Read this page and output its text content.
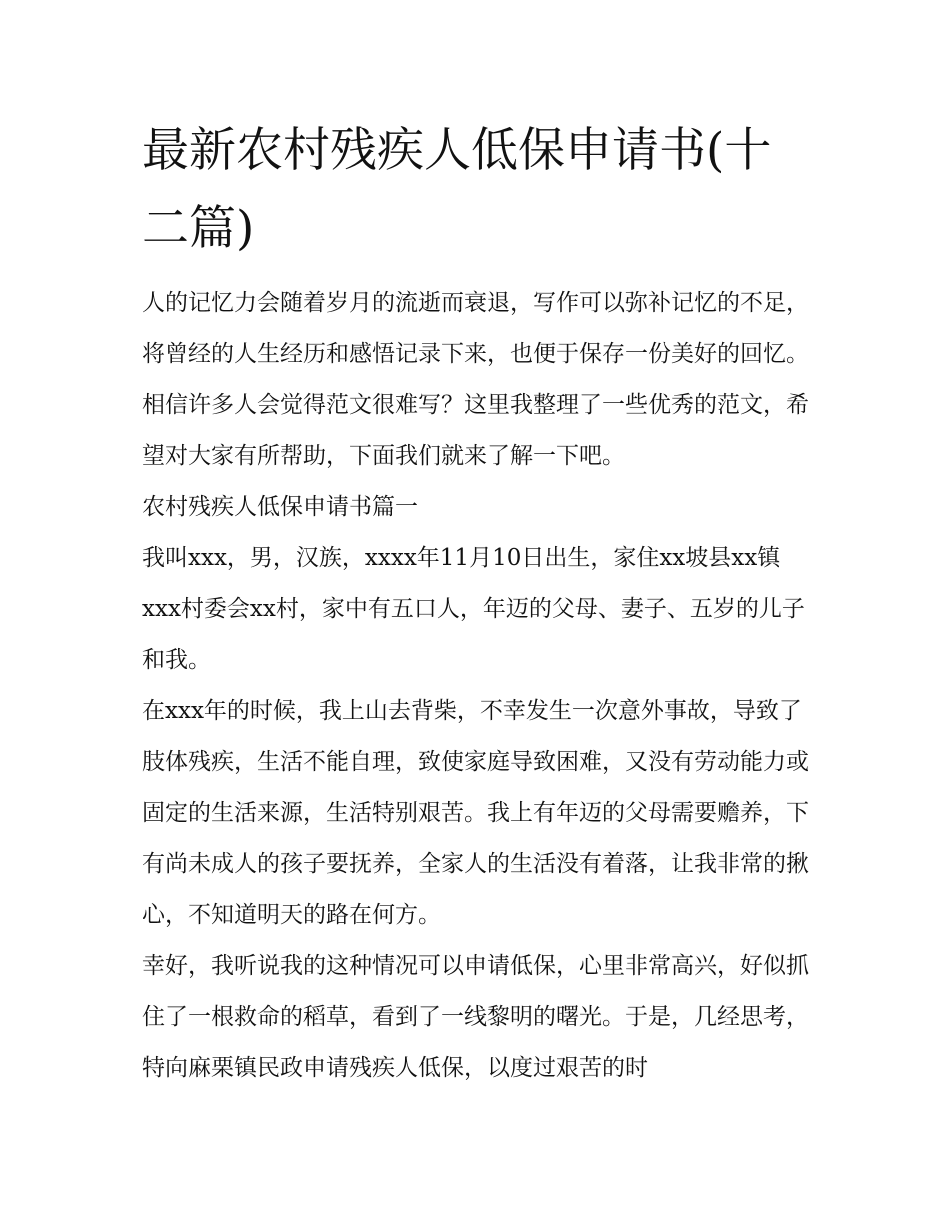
最新农村残疾人低保申请书(十二篇)

人的记忆力会随着岁月的流逝而衰退，写作可以弥补记忆的不足，将曾经的人生经历和感悟记录下来，也便于保存一份美好的回忆。相信许多人会觉得范文很难写？这里我整理了一些优秀的范文，希望对大家有所帮助，下面我们就来了解一下吧。

农村残疾人低保申请书篇一

我叫xxx，男，汉族，xxxx年11月10日出生，家住xx坡县xx镇xxx村委会xx村，家中有五口人，年迈的父母、妻子、五岁的儿子和我。

在xxx年的时候，我上山去背柴，不幸发生一次意外事故，导致了肢体残疾，生活不能自理，致使家庭导致困难，又没有劳动能力或固定的生活来源，生活特别艰苦。我上有年迈的父母需要赡养，下有尚未成人的孩子要抚养，全家人的生活没有着落，让我非常的揪心，不知道明天的路在何方。

幸好，我听说我的这种情况可以申请低保，心里非常高兴，好似抓住了一根救命的稻草，看到了一线黎明的曙光。于是，几经思考，特向麻栗镇民政申请残疾人低保，以度过艰苦的时
